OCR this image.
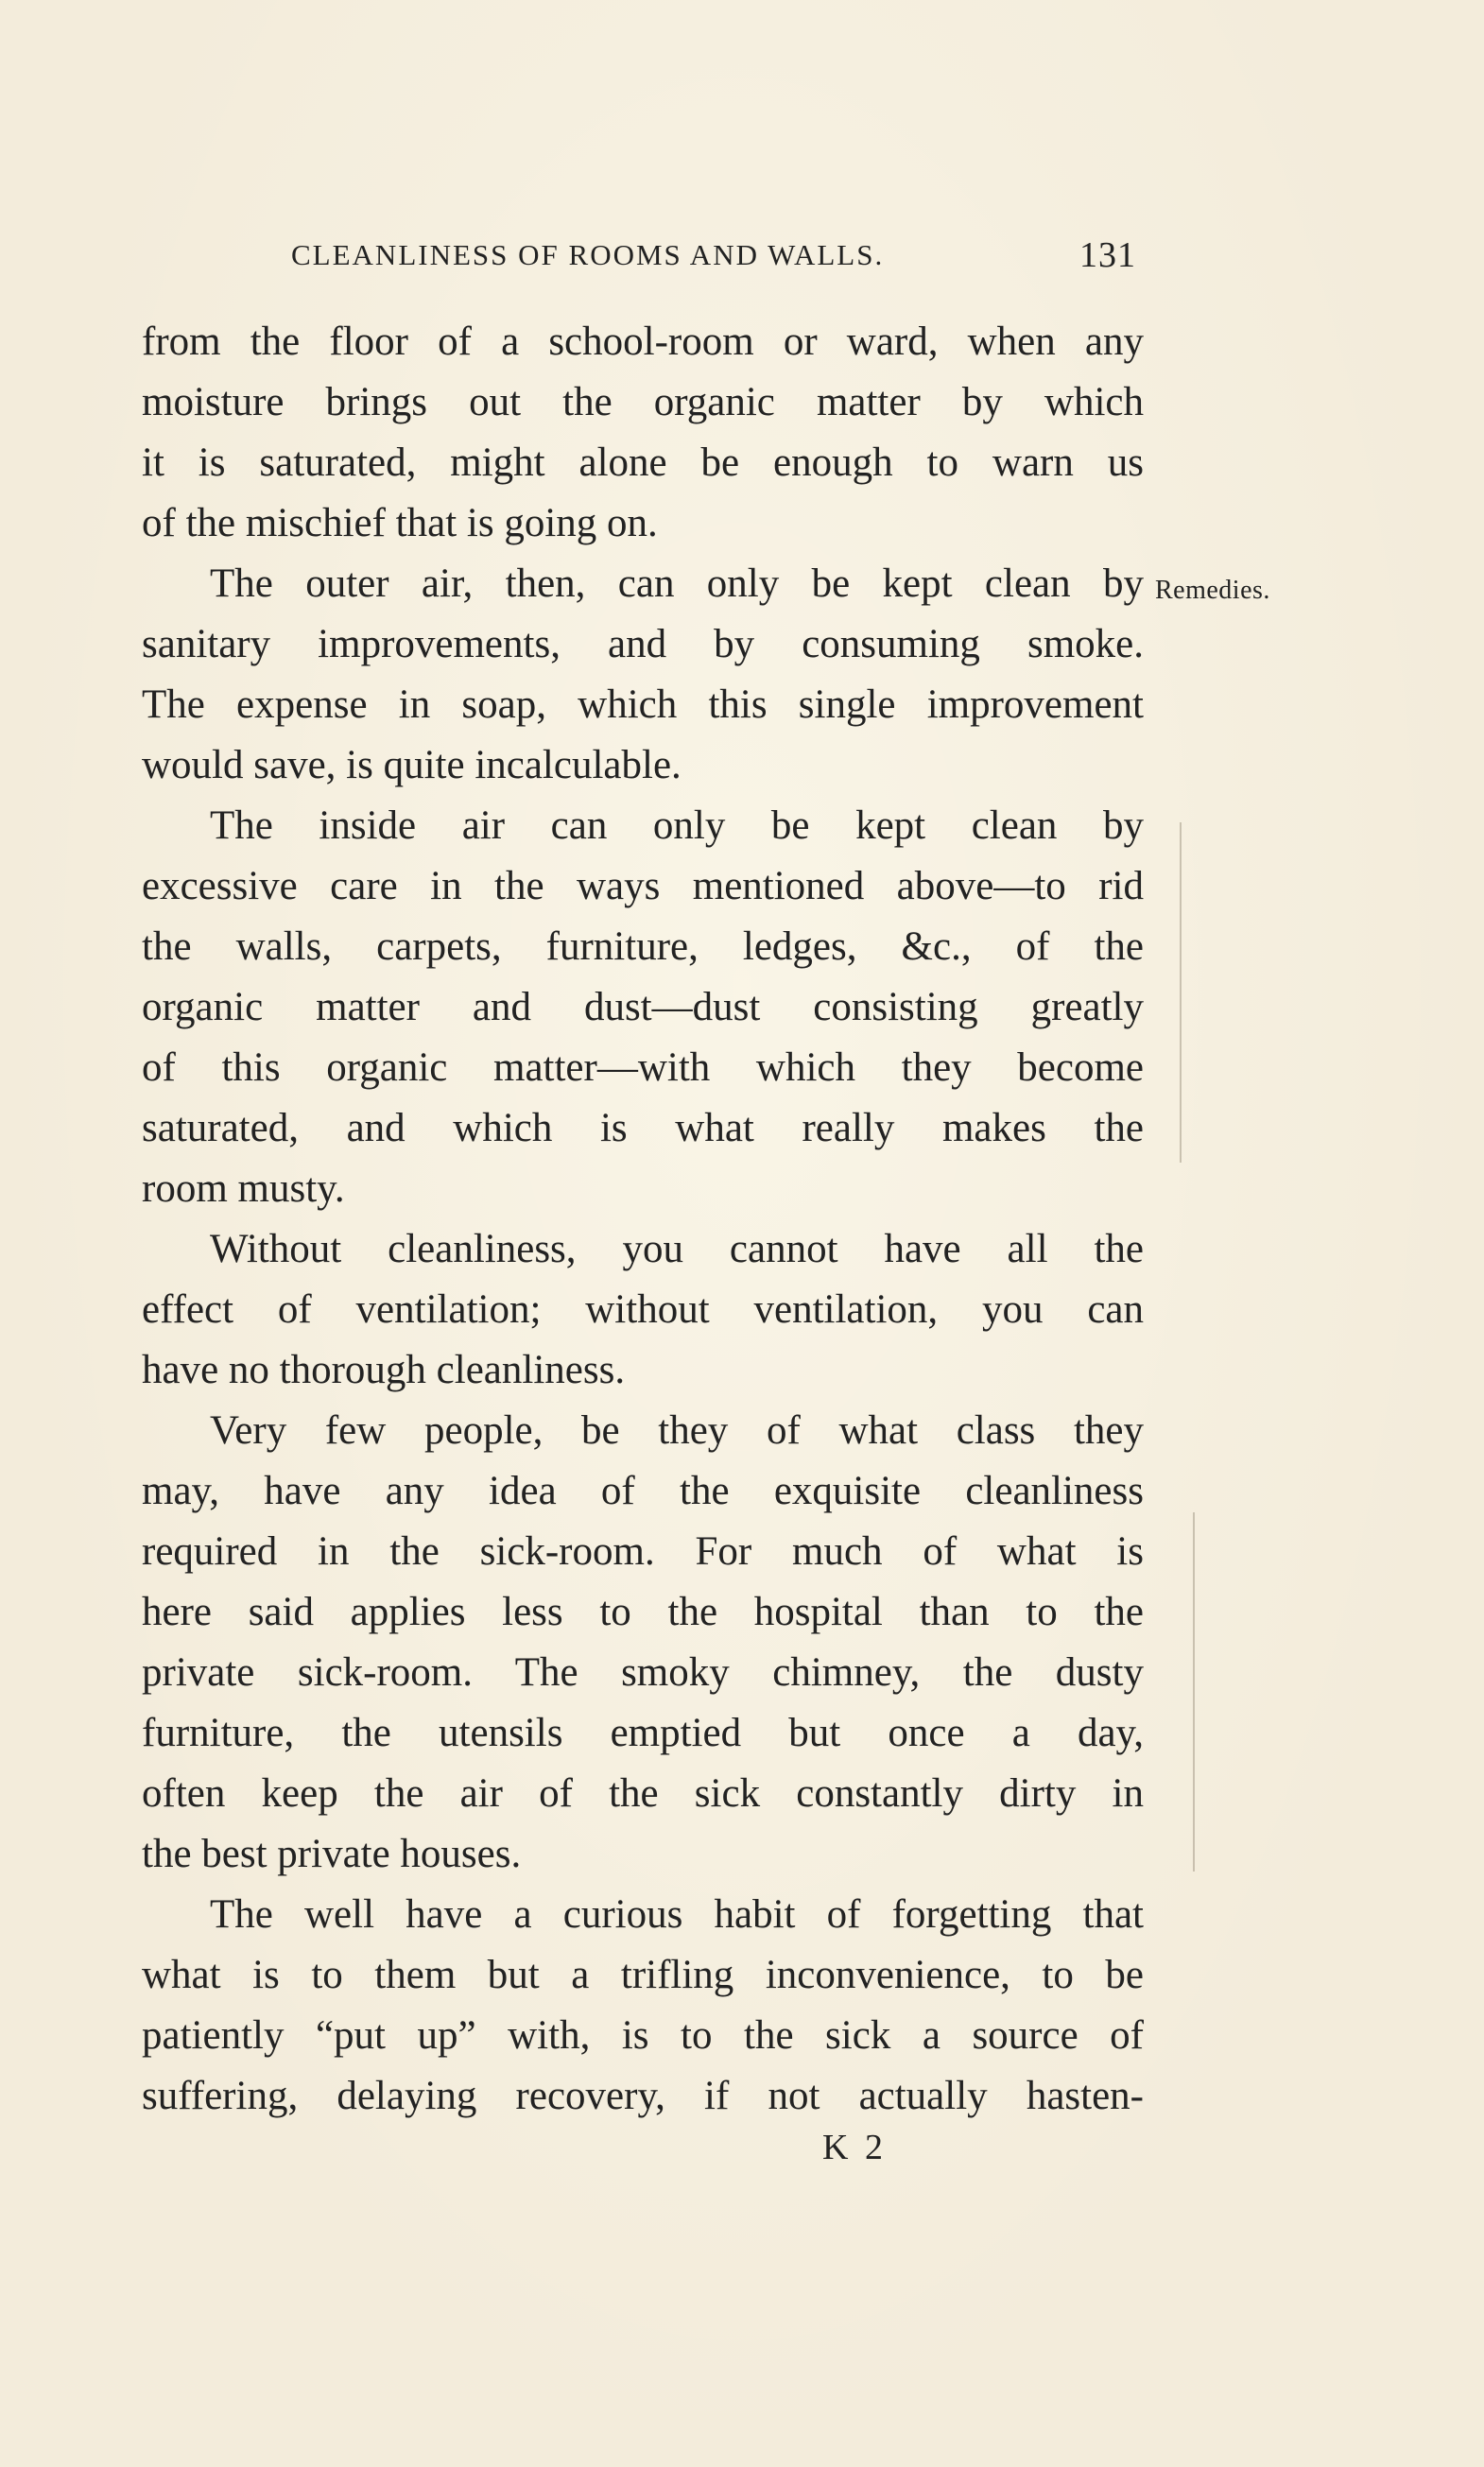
CLEANLINESS OF ROOMS AND WALLS.	131
Remedies.
from the floor of a school-room or ward, when any
moisture brings out the organic matter by which
it is saturated, might alone be enough to warn us
of the mischief that is going on.
The outer air, then, can only be kept clean by
sanitary improvements, and by consuming smoke.
The expense in soap, which this single improvement
would save, is quite incalculable.
The inside air can only be kept clean by
excessive care in the ways mentioned above—to rid
the walls, carpets, furniture, ledges, &c., of the
organic matter and dust—dust consisting greatly
of this organic matter—with which they become
saturated, and which is what really makes the
room musty.
Without cleanliness, you cannot have all the
effect of ventilation; without ventilation, you can
have no thorough cleanliness.
Very few people, be they of what class they
may, have any idea of the exquisite cleanliness
required in the sick-room. For much of what is
here said applies less to the hospital than to the
private sick-room. The smoky chimney, the dusty
furniture, the utensils emptied but once a day,
often keep the air of the sick constantly dirty in
the best private houses.
The well have a curious habit of forgetting that
what is to them but a trifling inconvenience, to be
patiently “put up” with, is to the sick a source of
suffering, delaying recovery, if not actually hasten-
K 2
